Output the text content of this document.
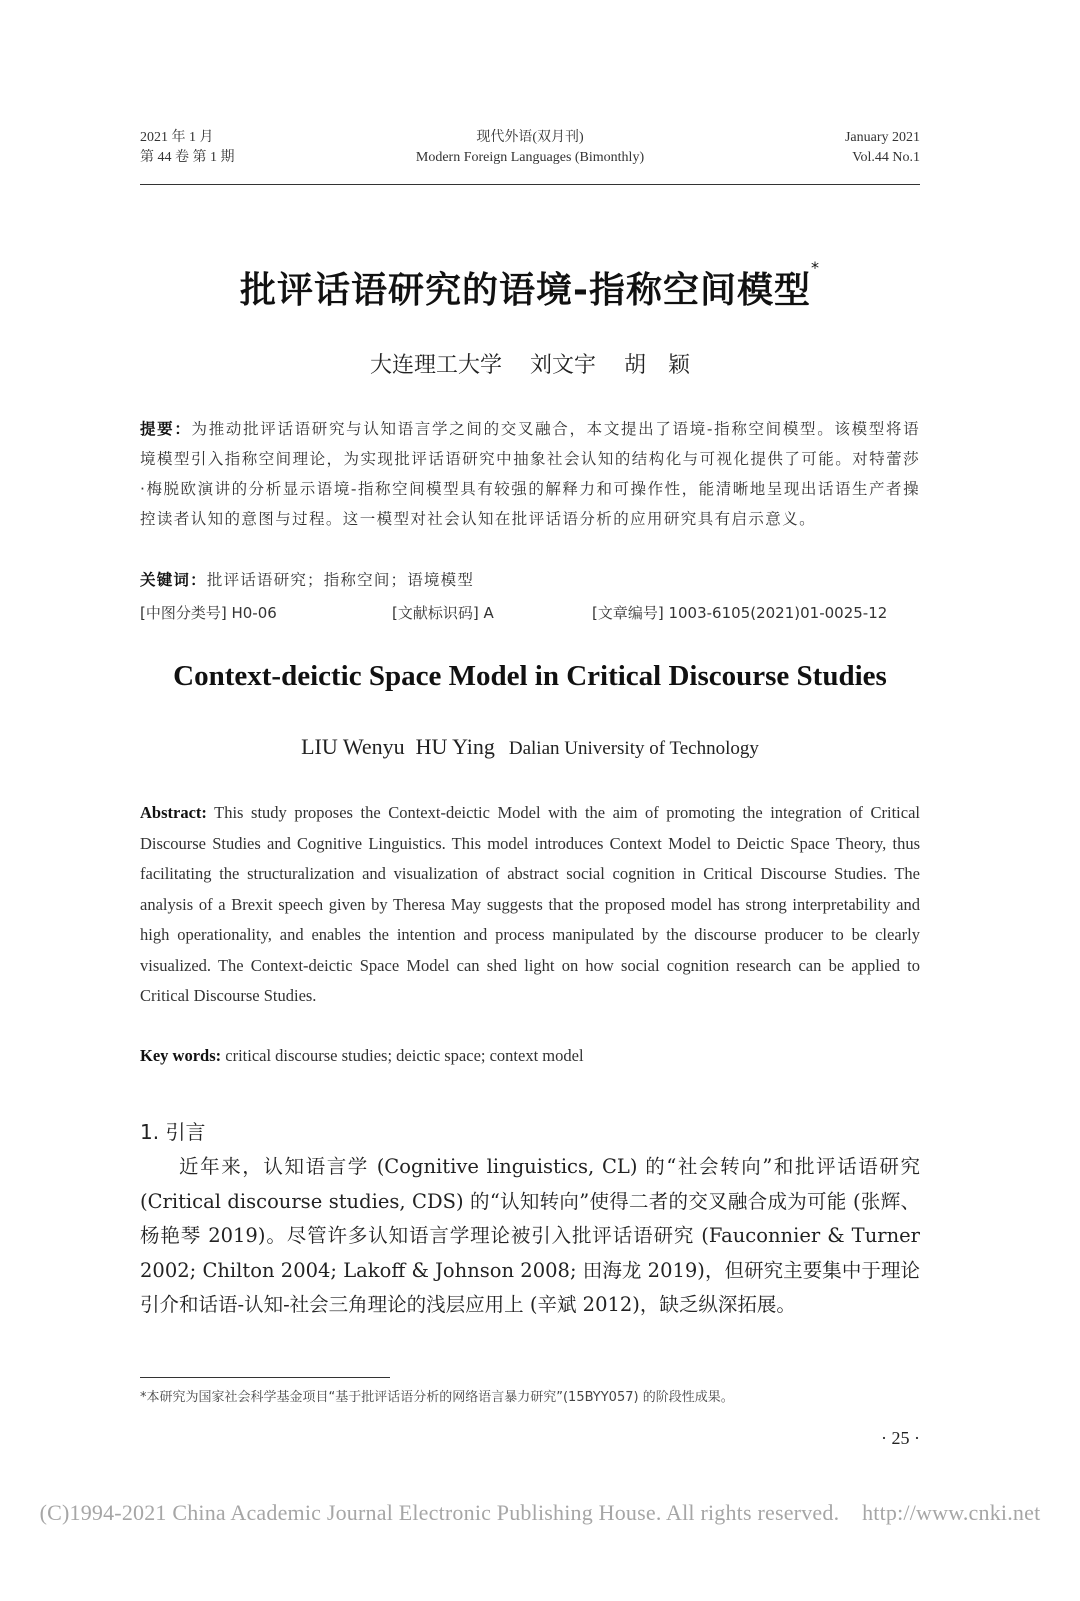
2021 年 1 月
第 44 卷 第 1 期
现代外语(双月刊)
Modern Foreign Languages (Bimonthly)
January 2021
Vol.44 No.1
批评话语研究的语境-指称空间模型*
大连理工大学 刘文宇 胡　颖
提要：为推动批评话语研究与认知语言学之间的交叉融合，本文提出了语境-指称空间模型。该模型将语境模型引入指称空间理论，为实现批评话语研究中抽象社会认知的结构化与可视化提供了可能。对特蕾莎·梅脱欧演讲的分析显示语境-指称空间模型具有较强的解释力和可操作性，能清晰地呈现出话语生产者操控读者认知的意图与过程。这一模型对社会认知在批评话语分析的应用研究具有启示意义。
关键词：批评话语研究；指称空间；语境模型
[中图分类号] H0-06	[文献标识码] A	[文章编号] 1003-6105(2021)01-0025-12
Context-deictic Space Model in Critical Discourse Studies
LIU Wenyu  HU Ying Dalian University of Technology
Abstract: This study proposes the Context-deictic Model with the aim of promoting the integration of Critical Discourse Studies and Cognitive Linguistics. This model introduces Context Model to Deictic Space Theory, thus facilitating the structuralization and visualization of abstract social cognition in Critical Discourse Studies. The analysis of a Brexit speech given by Theresa May suggests that the proposed model has strong interpretability and high operationality, and enables the intention and process manipulated by the discourse producer to be clearly visualized. The Context-deictic Space Model can shed light on how social cognition research can be applied to Critical Discourse Studies.
Key words: critical discourse studies; deictic space; context model
1. 引言
近年来，认知语言学 (Cognitive linguistics, CL) 的“社会转向”和批评话语研究 (Critical discourse studies, CDS) 的“认知转向”使得二者的交叉融合成为可能 (张辉、杨艳琴 2019)。尽管许多认知语言学理论被引入批评话语研究 (Fauconnier & Turner 2002; Chilton 2004; Lakoff & Johnson 2008; 田海龙 2019)，但研究主要集中于理论引介和话语-认知-社会三角理论的浅层应用上 (辛斌 2012)，缺乏纵深拓展。
*本研究为国家社会科学基金项目“基于批评话语分析的网络语言暴力研究”(15BYY057) 的阶段性成果。
· 25 ·
(C)1994-2021 China Academic Journal Electronic Publishing House. All rights reserved.    http://www.cnki.net
